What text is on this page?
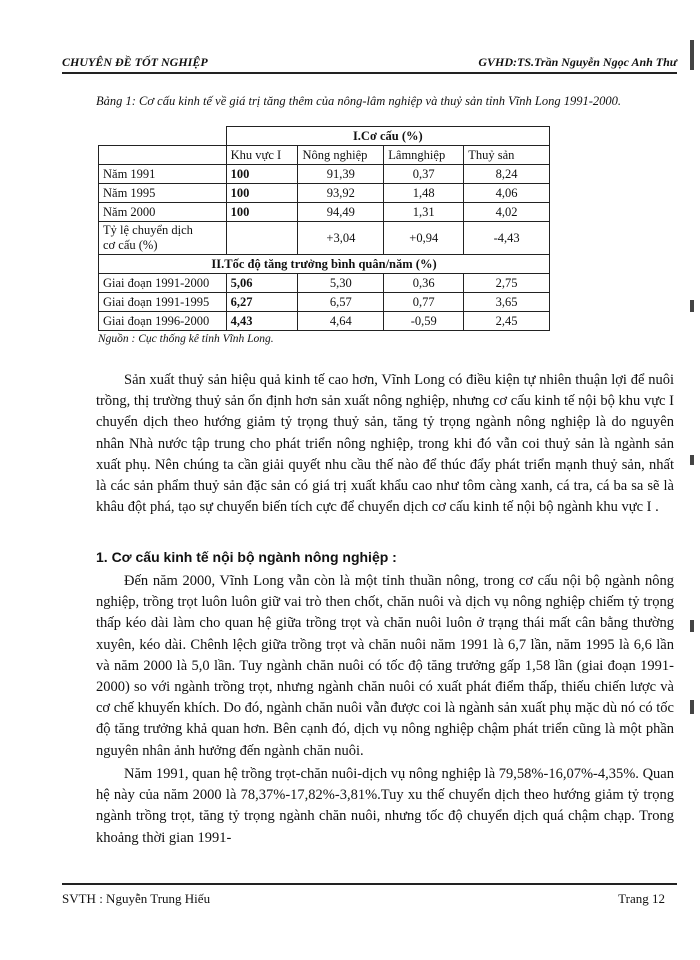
CHUYÊN ĐỀ TỐT NGHIỆP	GVHD:TS.Trần Nguyễn Ngọc Anh Thư
Bảng 1: Cơ cấu kinh tế về giá trị tăng thêm của nông-lâm nghiệp và thuỷ sản tỉnh Vĩnh Long 1991-2000.
	I.Cơ cấu (%)			
	Khu vực I	Nông nghiệp	Lâmnghiệp	Thuỷ sản
Năm 1991	100	91,39	0,37	8,24
Năm 1995	100	93,92	1,48	4,06
Năm 2000	100	94,49	1,31	4,02
Tỷ lệ chuyển dịch
cơ cấu (%)		+3,04	+0,94	-4,43
II.Tốc độ tăng trưởng bình quân/năm (%)				
Giai đoạn 1991-2000	5,06	5,30	0,36	2,75
Giai đoạn 1991-1995	6,27	6,57	0,77	3,65
Giai đoạn 1996-2000	4,43	4,64	-0,59	2,45
Nguồn : Cục thống kê tỉnh Vĩnh Long.

Sản xuất thuỷ sản hiệu quả kinh tế cao hơn, Vĩnh Long có điều kiện tự nhiên thuận lợi để nuôi trồng, thị trường thuỷ sản ổn định hơn sản xuất nông nghiệp, nhưng cơ cấu kinh tế nội bộ khu vực I chuyển dịch theo hướng giảm tỷ trọng thuỷ sản, tăng tỷ trọng ngành nông nghiệp là do nguyên nhân Nhà nước tập trung cho phát triển nông nghiệp, trong khi đó vẫn coi thuỷ sản là ngành sản xuất phụ. Nên chúng ta cần giải quyết nhu cầu thế nào để thúc đẩy phát triển mạnh thuỷ sản, nhất là các sản phẩm thuỷ sản đặc sản có giá trị xuất khẩu cao như tôm càng xanh, cá tra, cá ba sa sẽ là khâu đột phá, tạo sự chuyển biến tích cực để chuyển dịch cơ cấu kinh tế nội bộ ngành khu vực I .

1. Cơ cấu kinh tế nội bộ ngành nông nghiệp :

Đến năm 2000, Vĩnh Long vẫn còn là một tỉnh thuần nông, trong cơ cấu nội bộ ngành nông nghiệp, trồng trọt luôn luôn giữ vai trò then chốt, chăn nuôi và dịch vụ nông nghiệp chiếm tỷ trọng thấp kéo dài làm cho quan hệ giữa trồng trọt và chăn nuôi luôn ở trạng thái mất cân bằng thường xuyên, kéo dài. Chênh lệch giữa trồng trọt và chăn nuôi năm 1991 là 6,7 lần, năm 1995 là 6,6 lần và năm 2000 là 5,0 lần. Tuy ngành chăn nuôi có tốc độ tăng trưởng gấp 1,58 lần (giai đoạn 1991-2000) so với ngành trồng trọt, nhưng ngành chăn nuôi có xuất phát điểm thấp, thiếu chiến lược và cơ chế khuyến khích. Do đó, ngành chăn nuôi vẫn được coi là ngành sản xuất phụ mặc dù nó có tốc độ tăng trưởng khả quan hơn. Bên cạnh đó, dịch vụ nông nghiệp chậm phát triển cũng là một phần nguyên nhân ảnh hưởng đến ngành chăn nuôi.

Năm 1991, quan hệ trồng trọt-chăn nuôi-dịch vụ nông nghiệp là 79,58%-16,07%-4,35%. Quan hệ này của năm 2000 là 78,37%-17,82%-3,81%.Tuy xu thế chuyển dịch theo hướng giảm tỷ trọng ngành trồng trọt, tăng tỷ trọng ngành chăn nuôi, nhưng tốc độ chuyển dịch quá chậm chạp. Trong khoảng thời gian 1991-

SVTH : Nguyễn Trung Hiếu	Trang 12
